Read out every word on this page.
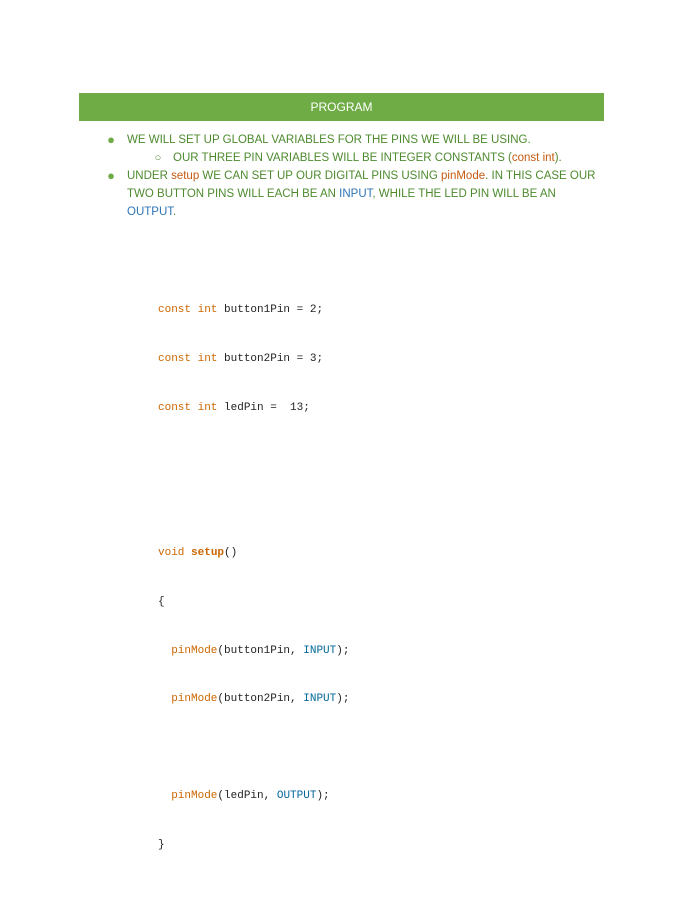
PROGRAM
● WE WILL SET UP GLOBAL VARIABLES FOR THE PINS WE WILL BE USING.
○ OUR THREE PIN VARIABLES WILL BE INTEGER CONSTANTS (const int).
● UNDER setup WE CAN SET UP OUR DIGITAL PINS USING pinMode. IN THIS CASE OUR TWO BUTTON PINS WILL EACH BE AN INPUT, WHILE THE LED PIN WILL BE AN OUTPUT.

const int button1Pin = 2;

const int button2Pin = 3;

const int ledPin =  13;

void setup()

{

pinMode(button1Pin, INPUT);

pinMode(button2Pin, INPUT);

pinMode(ledPin, OUTPUT);

}
